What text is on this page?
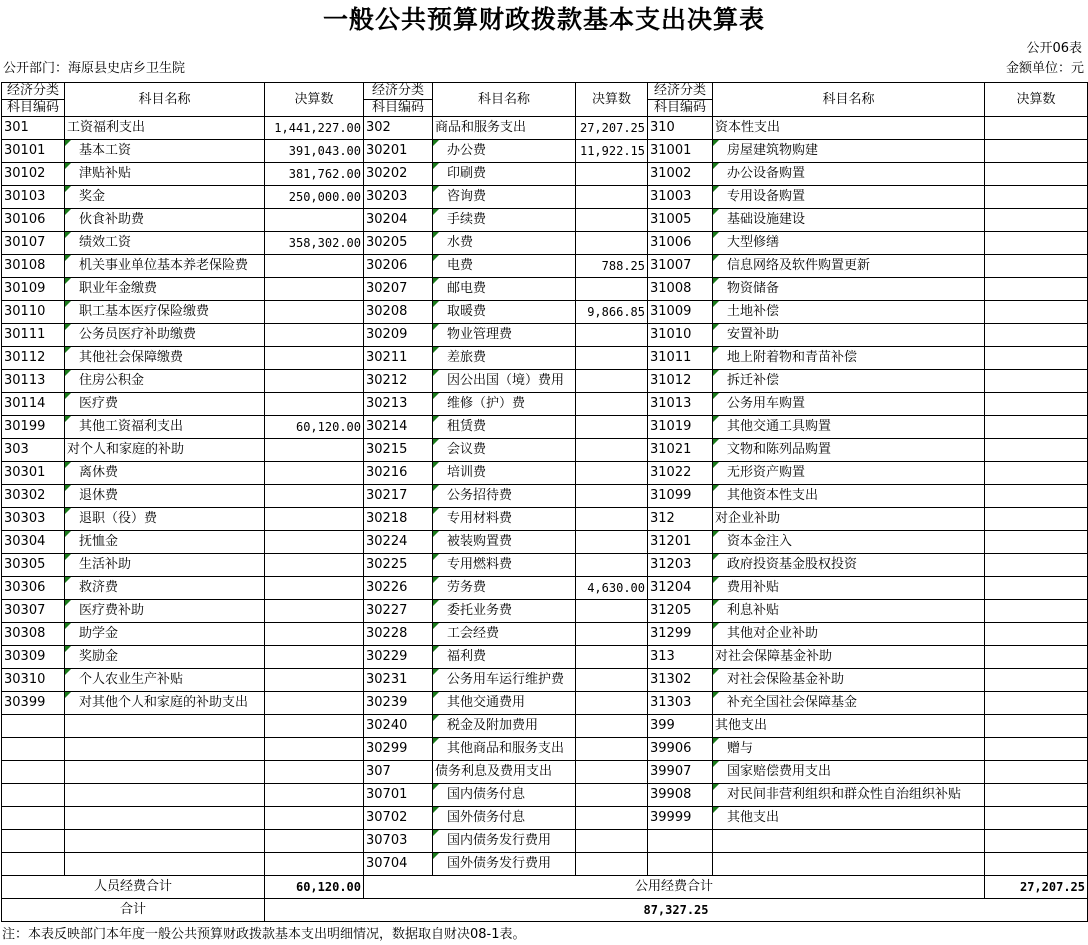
一般公共预算财政拨款基本支出决算表
公开06表
公开部门：海原县史店乡卫生院	金额单位：元
经济分类	科目名称	决算数	经济分类	科目名称	决算数	经济分类	科目名称	决算数
科目编码			科目编码			科目编码		
301	工资福利支出	1,441,227.00	302	商品和服务支出	27,207.25	310	资本性支出	
30101	基本工资	391,043.00	30201	办公费	11,922.15	31001	房屋建筑物购建	
30102	津贴补贴	381,762.00	30202	印刷费		31002	办公设备购置	
30103	奖金	250,000.00	30203	咨询费		31003	专用设备购置	
30106	伙食补助费		30204	手续费		31005	基础设施建设	
30107	绩效工资	358,302.00	30205	水费		31006	大型修缮	
30108	机关事业单位基本养老保险费		30206	电费	788.25	31007	信息网络及软件购置更新	
30109	职业年金缴费		30207	邮电费		31008	物资储备	
30110	职工基本医疗保险缴费		30208	取暖费	9,866.85	31009	土地补偿	
30111	公务员医疗补助缴费		30209	物业管理费		31010	安置补助	
30112	其他社会保障缴费		30211	差旅费		31011	地上附着物和青苗补偿	
30113	住房公积金		30212	因公出国（境）费用		31012	拆迁补偿	
30114	医疗费		30213	维修（护）费		31013	公务用车购置	
30199	其他工资福利支出	60,120.00	30214	租赁费		31019	其他交通工具购置	
303	对个人和家庭的补助		30215	会议费		31021	文物和陈列品购置	
30301	离休费		30216	培训费		31022	无形资产购置	
30302	退休费		30217	公务招待费		31099	其他资本性支出	
30303	退职（役）费		30218	专用材料费		312	对企业补助	
30304	抚恤金		30224	被装购置费		31201	资本金注入	
30305	生活补助		30225	专用燃料费		31203	政府投资基金股权投资	
30306	救济费		30226	劳务费	4,630.00	31204	费用补贴	
30307	医疗费补助		30227	委托业务费		31205	利息补贴	
30308	助学金		30228	工会经费		31299	其他对企业补助	
30309	奖励金		30229	福利费		313	对社会保障基金补助	
30310	个人农业生产补贴		30231	公务用车运行维护费		31302	对社会保险基金补助	
30399	对其他个人和家庭的补助支出		30239	其他交通费用		31303	补充全国社会保障基金	
			30240	税金及附加费用		399	其他支出	
			30299	其他商品和服务支出		39906	赠与	
			307	债务利息及费用支出		39907	国家赔偿费用支出	
			30701	国内债务付息		39908	对民间非营利组织和群众性自治组织补贴	
			30702	国外债务付息		39999	其他支出	
			30703	国内债务发行费用				
			30704	国外债务发行费用				
人员经费合计		60,120.00	公用经费合计					27,207.25
合计		87,327.25						
注：本表反映部门本年度一般公共预算财政拨款基本支出明细情况，数据取自财决08-1表。
